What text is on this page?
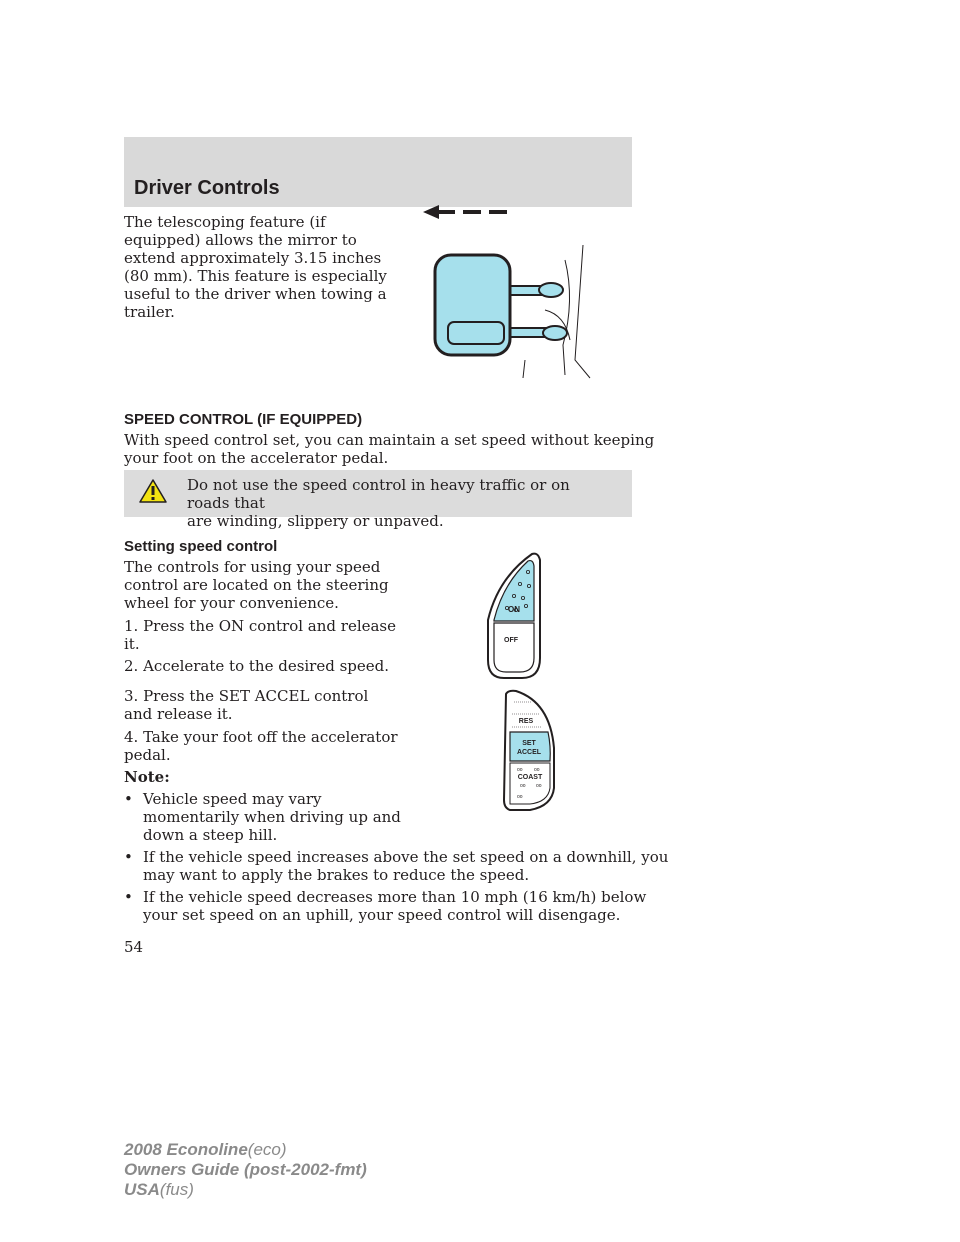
Driver Controls
The telescoping feature (if
equipped) allows the mirror to
extend approximately 3.15 inches
(80 mm). This feature is especially
useful to the driver when towing a
trailer.
SPEED CONTROL (IF EQUIPPED)
With speed control set, you can maintain a set speed without keeping
your foot on the accelerator pedal.
Do not use the speed control in heavy traffic or on roads that
are winding, slippery or unpaved.
Setting speed control
The controls for using your speed
control are located on the steering
wheel for your convenience.
1. Press the ON control and release
it.
2. Accelerate to the desired speed.
3. Press the SET ACCEL control
and release it.
4. Take your foot off the accelerator
pedal.
Note:
• Vehicle speed may vary
momentarily when driving up and
down a steep hill.
• If the vehicle speed increases above the set speed on a downhill, you
may want to apply the brakes to reduce the speed.
• If the vehicle speed decreases more than 10 mph (16 km/h) below
your set speed on an uphill, your speed control will disengage.
ON
OFF
RES
SET
ACCEL
oo oo
COAST
oo oo
oo
54
2008 Econoline(eco)
Owners Guide (post-2002-fmt)
USA(fus)
